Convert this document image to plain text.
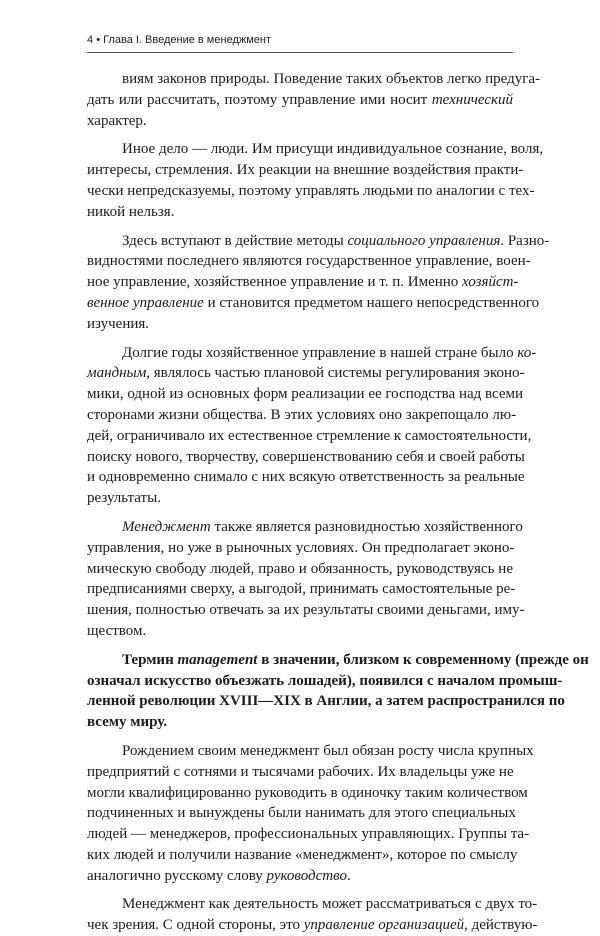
4 • Глава I. Введение в менеджмент
виям законов природы. Поведение таких объектов легко предуга-
дать или рассчитать, поэтому управление ими носит технический
характер.
Иное дело — люди. Им присущи индивидуальное сознание, воля,
интересы, стремления. Их реакции на внешние воздействия практи-
чески непредсказуемы, поэтому управлять людьми по аналогии с тех-
никой нельзя.
Здесь вступают в действие методы социального управления. Разно-
видностями последнего являются государственное управление, воен-
ное управление, хозяйственное управление и т. п. Именно хозяйст-
венное управление и становится предметом нашего непосредственного
изучения.
Долгие годы хозяйственное управление в нашей стране было ко-
мандным, являлось частью плановой системы регулирования эконо-
мики, одной из основных форм реализации ее господства над всеми
сторонами жизни общества. В этих условиях оно закрепощало лю-
дей, ограничивало их естественное стремление к самостоятельности,
поиску нового, творчеству, совершенствованию себя и своей работы
и одновременно снимало с них всякую ответственность за реальные
результаты.
Менеджмент также является разновидностью хозяйственного
управления, но уже в рыночных условиях. Он предполагает эконо-
мическую свободу людей, право и обязанность, руководствуясь не
предписаниями сверху, а выгодой, принимать самостоятельные ре-
шения, полностью отвечать за их результаты своими деньгами, иму-
ществом.
Термин management в значении, близком к современному (прежде он
означал искусство объезжать лошадей), появился с началом промыш-
ленной революции XVIII—XIX в Англии, а затем распространился по
всему миру.
Рождением своим менеджмент был обязан росту числа крупных
предприятий с сотнями и тысячами рабочих. Их владельцы уже не
могли квалифицированно руководить в одиночку таким количеством
подчиненных и вынуждены были нанимать для этого специальных
людей — менеджеров, профессиональных управляющих. Группы та-
ких людей и получили название «менеджмент», которое по смыслу
аналогично русскому слову руководство.
Менеджмент как деятельность может рассматриваться с двух то-
чек зрения. С одной стороны, это управление организацией, действую-
